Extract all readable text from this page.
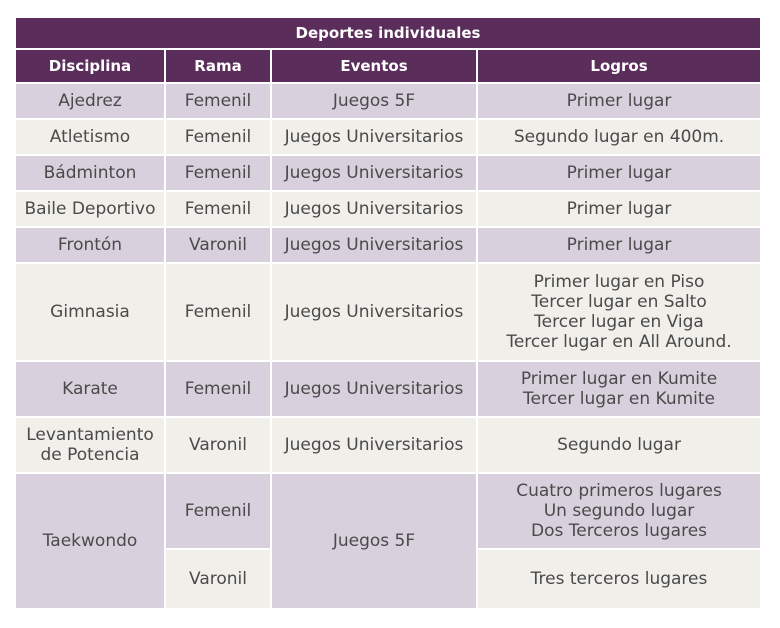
Deportes individuales			
Disciplina	Rama	Eventos	Logros
Ajedrez	Femenil	Juegos 5F	Primer lugar
Atletismo	Femenil	Juegos Universitarios	Segundo lugar en 400m.
Bádminton	Femenil	Juegos Universitarios	Primer lugar
Baile Deportivo	Femenil	Juegos Universitarios	Primer lugar
Frontón	Varonil	Juegos Universitarios	Primer lugar
Gimnasia	Femenil	Juegos Universitarios	Primer lugar en Piso
Tercer lugar en Salto
Tercer lugar en Viga
Tercer lugar en All Around.

Karate	Femenil	Juegos Universitarios	Primer lugar en Kumite
Tercer lugar en Kumite

Levantamiento
de Potencia	Varonil	Juegos Universitarios	Segundo lugar
Taekwondo	Femenil	Juegos 5F	Cuatro primeros lugares
Un segundo lugar
Dos Terceros lugares

	Varonil		Tres terceros lugares
